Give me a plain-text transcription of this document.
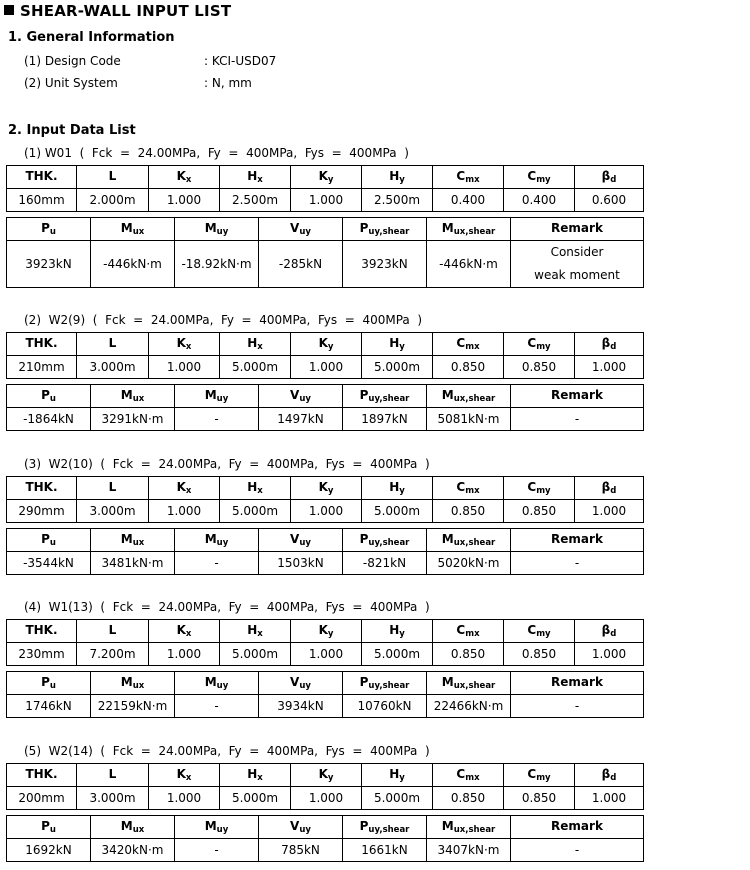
SHEAR-WALL INPUT LIST
1. General Information
(1) Design Code	: KCI-USD07
(2) Unit System	: N, mm
2. Input Data List
(1) W01  (  Fck  =  24.00MPa,  Fy  =  400MPa,  Fys  =  400MPa  )
THK.	L	$K_x$	$H_x$	$K_y$	$H_y$	$C_{mx}$	$C_{my}$	$\beta_d$
160mm	2.000m	1.000	2.500m	1.000	2.500m	0.400	0.400	0.600
$P_u$	$M_{ux}$	$M_{uy}$	$V_{uy}$	$P_{uy,shear}$	$M_{ux,shear}$	Remark
3923kN	-446kN·m	-18.92kN·m	-285kN	3923kN	-446kN·m	Consider
weak moment
(2)  W2(9)  (  Fck  =  24.00MPa,  Fy  =  400MPa,  Fys  =  400MPa  )
THK.	L	$K_x$	$H_x$	$K_y$	$H_y$	$C_{mx}$	$C_{my}$	$\beta_d$
210mm	3.000m	1.000	5.000m	1.000	5.000m	0.850	0.850	1.000
$P_u$	$M_{ux}$	$M_{uy}$	$V_{uy}$	$P_{uy,shear}$	$M_{ux,shear}$	Remark
-1864kN	3291kN·m	-	1497kN	1897kN	5081kN·m	-
(3)  W2(10)  (  Fck  =  24.00MPa,  Fy  =  400MPa,  Fys  =  400MPa  )
THK.	L	$K_x$	$H_x$	$K_y$	$H_y$	$C_{mx}$	$C_{my}$	$\beta_d$
290mm	3.000m	1.000	5.000m	1.000	5.000m	0.850	0.850	1.000
$P_u$	$M_{ux}$	$M_{uy}$	$V_{uy}$	$P_{uy,shear}$	$M_{ux,shear}$	Remark
-3544kN	3481kN·m	-	1503kN	-821kN	5020kN·m	-
(4)  W1(13)  (  Fck  =  24.00MPa,  Fy  =  400MPa,  Fys  =  400MPa  )
THK.	L	$K_x$	$H_x$	$K_y$	$H_y$	$C_{mx}$	$C_{my}$	$\beta_d$
230mm	7.200m	1.000	5.000m	1.000	5.000m	0.850	0.850	1.000
$P_u$	$M_{ux}$	$M_{uy}$	$V_{uy}$	$P_{uy,shear}$	$M_{ux,shear}$	Remark
1746kN	22159kN·m	-	3934kN	10760kN	22466kN·m	-
(5)  W2(14)  (  Fck  =  24.00MPa,  Fy  =  400MPa,  Fys  =  400MPa  )
THK.	L	$K_x$	$H_x$	$K_y$	$H_y$	$C_{mx}$	$C_{my}$	$\beta_d$
200mm	3.000m	1.000	5.000m	1.000	5.000m	0.850	0.850	1.000
$P_u$	$M_{ux}$	$M_{uy}$	$V_{uy}$	$P_{uy,shear}$	$M_{ux,shear}$	Remark
1692kN	3420kN·m	-	785kN	1661kN	3407kN·m	-
